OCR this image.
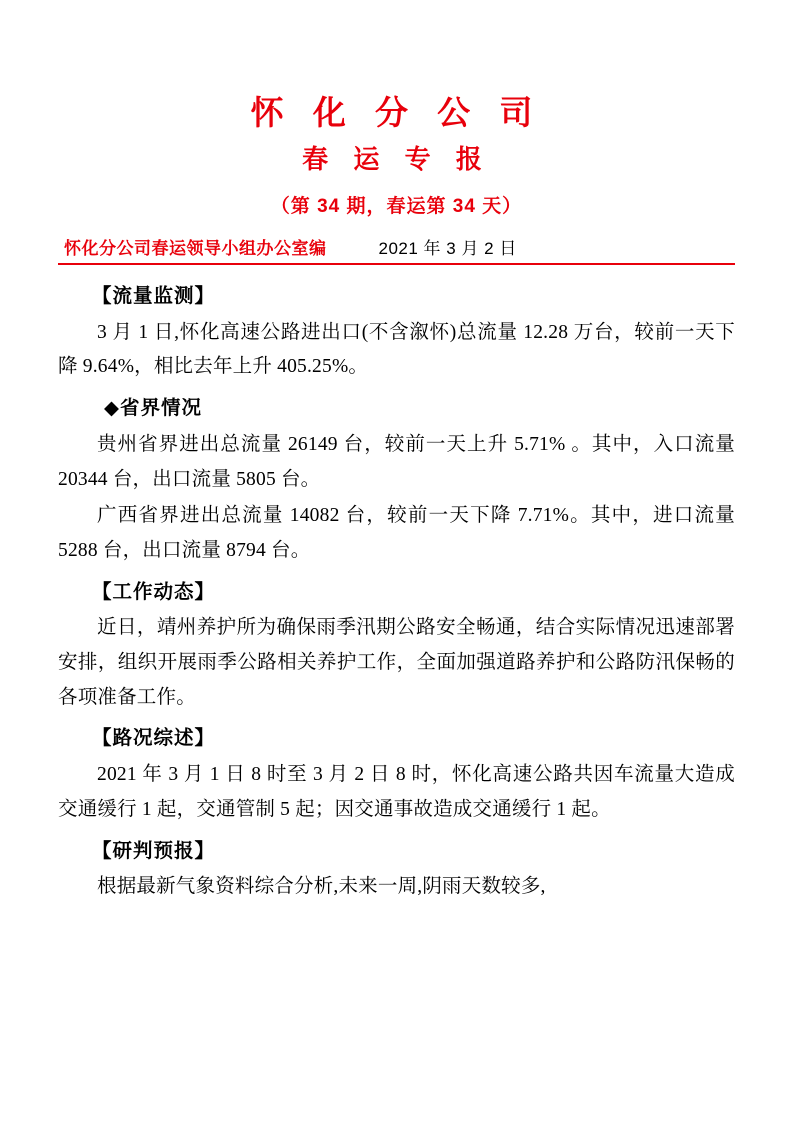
怀 化 分 公 司
春 运 专 报
（第 34 期，春运第 34 天）
怀化分公司春运领导小组办公室编	2021 年 3 月 2 日
【流量监测】

3 月 1 日,怀化高速公路进出口(不含溆怀)总流量 12.28 万台，较前一天下降 9.64%，相比去年上升 405.25%。

◆省界情况

贵州省界进出总流量 26149 台，较前一天上升 5.71% 。其中，入口流量 20344 台，出口流量 5805 台。

广西省界进出总流量 14082 台，较前一天下降 7.71%。其中，进口流量 5288 台，出口流量 8794 台。

【工作动态】

近日，靖州养护所为确保雨季汛期公路安全畅通，结合实际情况迅速部署安排，组织开展雨季公路相关养护工作，全面加强道路养护和公路防汛保畅的各项准备工作。

【路况综述】

2021 年 3 月 1 日 8 时至 3 月 2 日 8 时，怀化高速公路共因车流量大造成交通缓行 1 起，交通管制 5 起；因交通事故造成交通缓行 1 起。

【研判预报】

根据最新气象资料综合分析,未来一周,阴雨天数较多,
